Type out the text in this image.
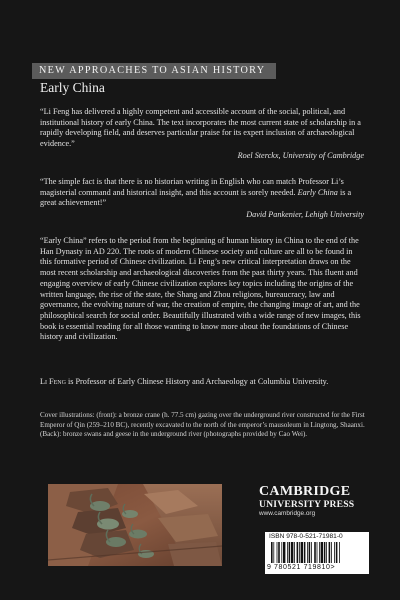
NEW APPROACHES TO ASIAN HISTORY
Early China

“Li Feng has delivered a highly competent and accessible account of the social, political, and institutional history of early China. The text incorporates the most current state of scholarship in a rapidly developing field, and deserves particular praise for its expert inclusion of archaeological evidence.”

Roel Sterckx, University of Cambridge

“The simple fact is that there is no historian writing in English who can match Professor Li’s magisterial command and historical insight, and this account is sorely needed. Early China is a great achievement!”

David Pankenier, Lehigh University

“Early China” refers to the period from the beginning of human history in China to the end of the Han Dynasty in AD 220. The roots of modern Chinese society and culture are all to be found in this formative period of Chinese civilization. Li Feng’s new critical interpretation draws on the most recent scholarship and archaeological discoveries from the past thirty years. This fluent and engaging overview of early Chinese civilization explores key topics including the origins of the written language, the rise of the state, the Shang and Zhou religions, bureaucracy, law and governance, the evolving nature of war, the creation of empire, the changing image of art, and the philosophical search for social order. Beautifully illustrated with a wide range of new images, this book is essential reading for all those wanting to know more about the foundations of Chinese history and civilization.

Li Feng is Professor of Early Chinese History and Archaeology at Columbia University.

Cover illustrations: (front): a bronze crane (h. 77.5 cm) gazing over the underground river constructed for the First Emperor of Qin (259–210 BC), recently excavated to the north of the emperor’s mausoleum in Lingtong, Shaanxi. (Back): bronze swans and geese in the underground river (photographs provided by Cao Wei).

CAMBRIDGE
UNIVERSITY PRESS
www.cambridge.org
ISBN 978-0-521-71981-0
9 780521 719810>
